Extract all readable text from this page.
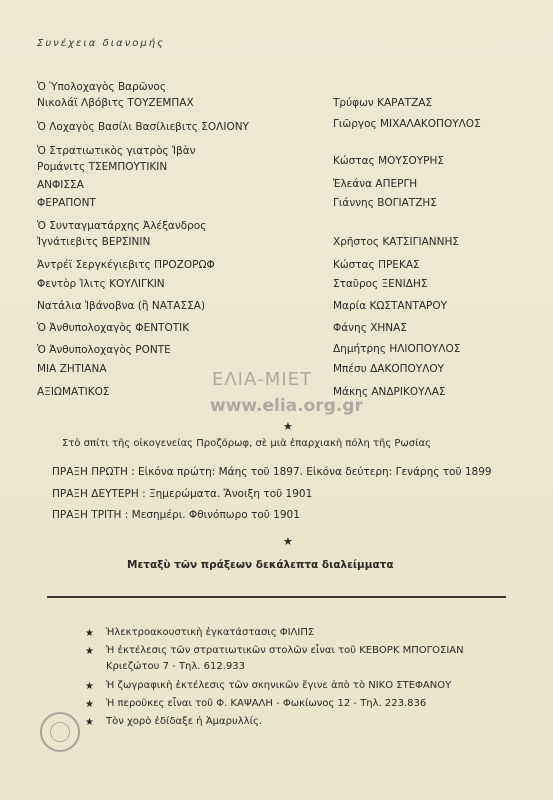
Συνέχεια διανομής
Ὁ Ὑπολοχαγὸς Βαρῶνος
Νικολάϊ Λβόβιτς ΤΟΥΖΕΜΠΑΧ	Τρύφων ΚΑΡΑΤΖΑΣ
Ὁ Λοχαγὸς Βασίλι Βασίλιεβιτς ΣΟΛΙΟΝΥ	Γιῶργος ΜΙΧΑΛΑΚΟΠΟΥΛΟΣ
Ὁ Στρατιωτικὸς γιατρὸς Ἰβὰν
Ρομάνιτς ΤΣΕΜΠΟΥΤΙΚΙΝ	Κώστας ΜΟΥΣΟΥΡΗΣ
ΑΝΦΙΣΣΑ	Ἐλεάνα ΑΠΕΡΓΗ
ΦΕΡΑΠΟΝΤ	Γιάννης ΒΟΓΙΑΤΖΗΣ
Ὁ Συνταγματάρχης Ἀλέξανδρος
Ἰγνάτιεβιτς ΒΕΡΣΙΝΙΝ	Χρῆστος ΚΑΤΣΙΓΙΑΝΝΗΣ
Ἀντρέϊ Σεργκέγιεβιτς ΠΡΟΖΟΡΩΦ	Κώστας ΠΡΕΚΑΣ
Φεντὸρ Ἰλιτς ΚΟΥΛΙΓΚΙΝ	Σταῦρος ΞΕΝΙΔΗΣ
Νατάλια Ἰβάνοβνα (ἢ ΝΑΤΑΣΣΑ)	Μαρία ΚΩΣΤΑΝΤΑΡΟΥ
Ὁ Ἀνθυπολοχαγὸς ΦΕΝΤΟΤΙΚ	Φάνης ΧΗΝΑΣ
Ὁ Ἀνθυπολοχαγὸς ΡΟΝΤΕ	Δημήτρης ΗΛΙΟΠΟΥΛΟΣ
ΜΙΑ ΖΗΤΙΑΝΑ	Μπέσυ ΔΑΚΟΠΟΥΛΟΥ
ΑΞΙΩΜΑΤΙΚΟΣ	Μάκης ΑΝΔΡΙΚΟΥΛΑΣ
ΕΛΙΑ-ΜΙΕΤ
www.elia.org.gr
★
Στὸ σπίτι τῆς οἰκογενείας Προζόρωφ, σὲ μιὰ ἐπαρχιακὴ πόλη τῆς Ρωσίας
ΠΡΑΞΗ ΠΡΩΤΗ : Εἰκόνα πρώτη: Μάης τοῦ 1897. Εἰκόνα δεύτερη: Γενάρης τοῦ 1899
ΠΡΑΞΗ ΔΕΥΤΕΡΗ : Ξημερώματα. Ἄνοιξη τοῦ 1901
ΠΡΑΞΗ ΤΡΙΤΗ : Μεσημέρι. Φθινόπωρο τοῦ 1901
★
Μεταξὺ τῶν πράξεων δεκάλεπτα διαλείμματα
★ Ἡλεκτροακουστικὴ ἐγκατάστασις ΦΙΛΙΠΣ
★ Ἡ ἐκτέλεσις τῶν στρατιωτικῶν στολῶν εἶναι τοῦ ΚΕΒΟΡΚ ΜΠΟΓΟΣΙΑΝ
Κριεζώτου 7 - Τηλ. 612.933
★ Ἡ ζωγραφικὴ ἐκτέλεσις τῶν σκηνικῶν ἔγινε ἀπὸ τὸ ΝΙΚΟ ΣΤΕΦΑΝΟΥ
★ Ἡ περοῦκες εἶναι τοῦ Φ. ΚΑΨΑΛΗ - Φωκίωνος 12 - Τηλ. 223.836
★ Τὸν χορὸ ἐδίδαξε ἡ Ἀμαρυλλίς.
